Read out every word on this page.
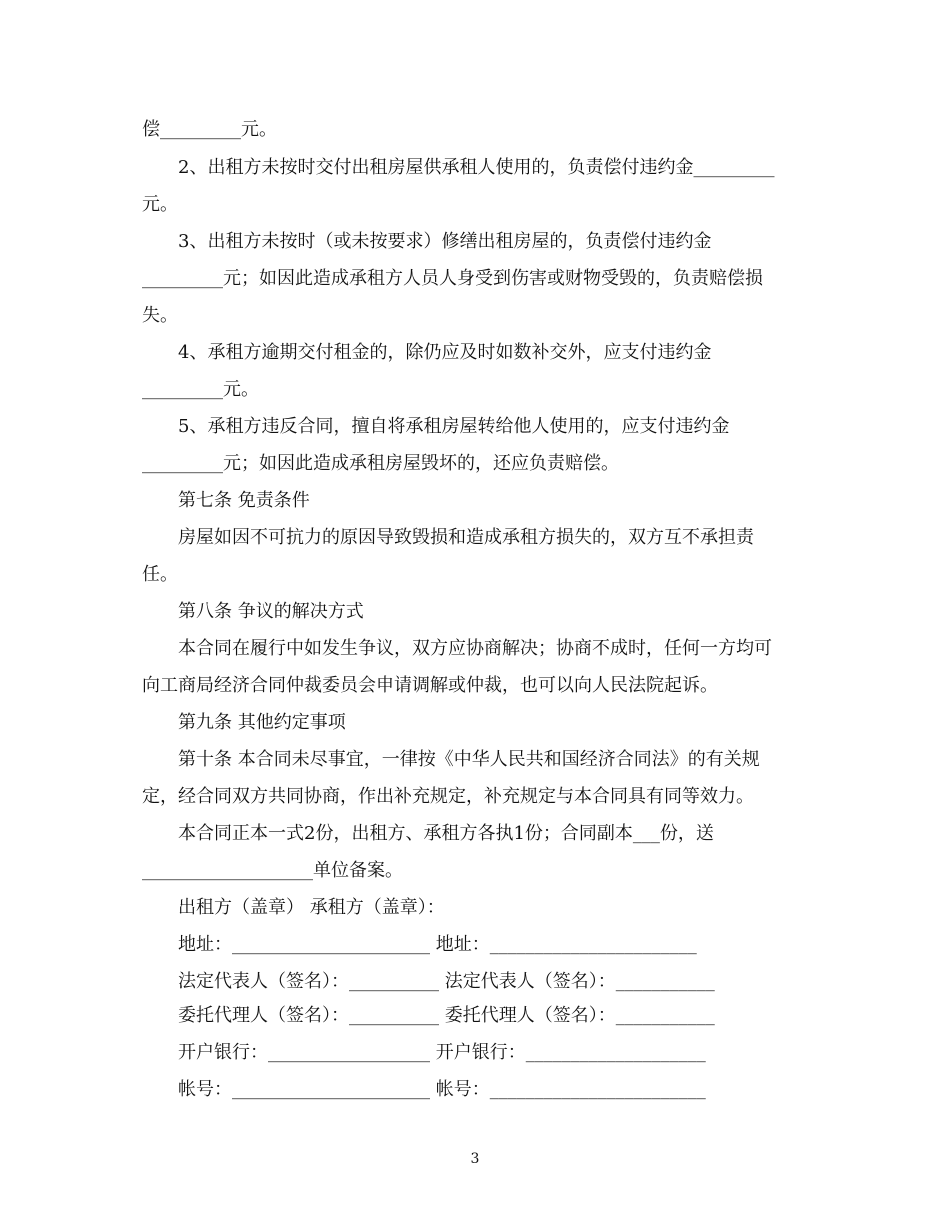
偿_________元。
2、出租方未按时交付出租房屋供承租人使用的，负责偿付违约金_________
元。
3、出租方未按时（或未按要求）修缮出租房屋的，负责偿付违约金
_________元；如因此造成承租方人员人身受到伤害或财物受毁的，负责赔偿损
失。
4、承租方逾期交付租金的，除仍应及时如数补交外，应支付违约金
_________元。
5、承租方违反合同，擅自将承租房屋转给他人使用的，应支付违约金
_________元；如因此造成承租房屋毁坏的，还应负责赔偿。
第七条 免责条件
房屋如因不可抗力的原因导致毁损和造成承租方损失的，双方互不承担责
任。
第八条 争议的解决方式
本合同在履行中如发生争议，双方应协商解决；协商不成时，任何一方均可
向工商局经济合同仲裁委员会申请调解或仲裁，也可以向人民法院起诉。
第九条 其他约定事项
第十条 本合同未尽事宜，一律按《中华人民共和国经济合同法》的有关规
定，经合同双方共同协商，作出补充规定，补充规定与本合同具有同等效力。
本合同正本一式2份，出租方、承租方各执1份；合同副本___份，送
___________________单位备案。
出租方（盖章） 承租方（盖章）：
地址：______________________ 地址：_______________________
法定代表人（签名）：__________ 法定代表人（签名）：___________
委托代理人（签名）：__________ 委托代理人（签名）：___________
开户银行：__________________ 开户银行：____________________
帐号：______________________ 帐号：________________________
3
